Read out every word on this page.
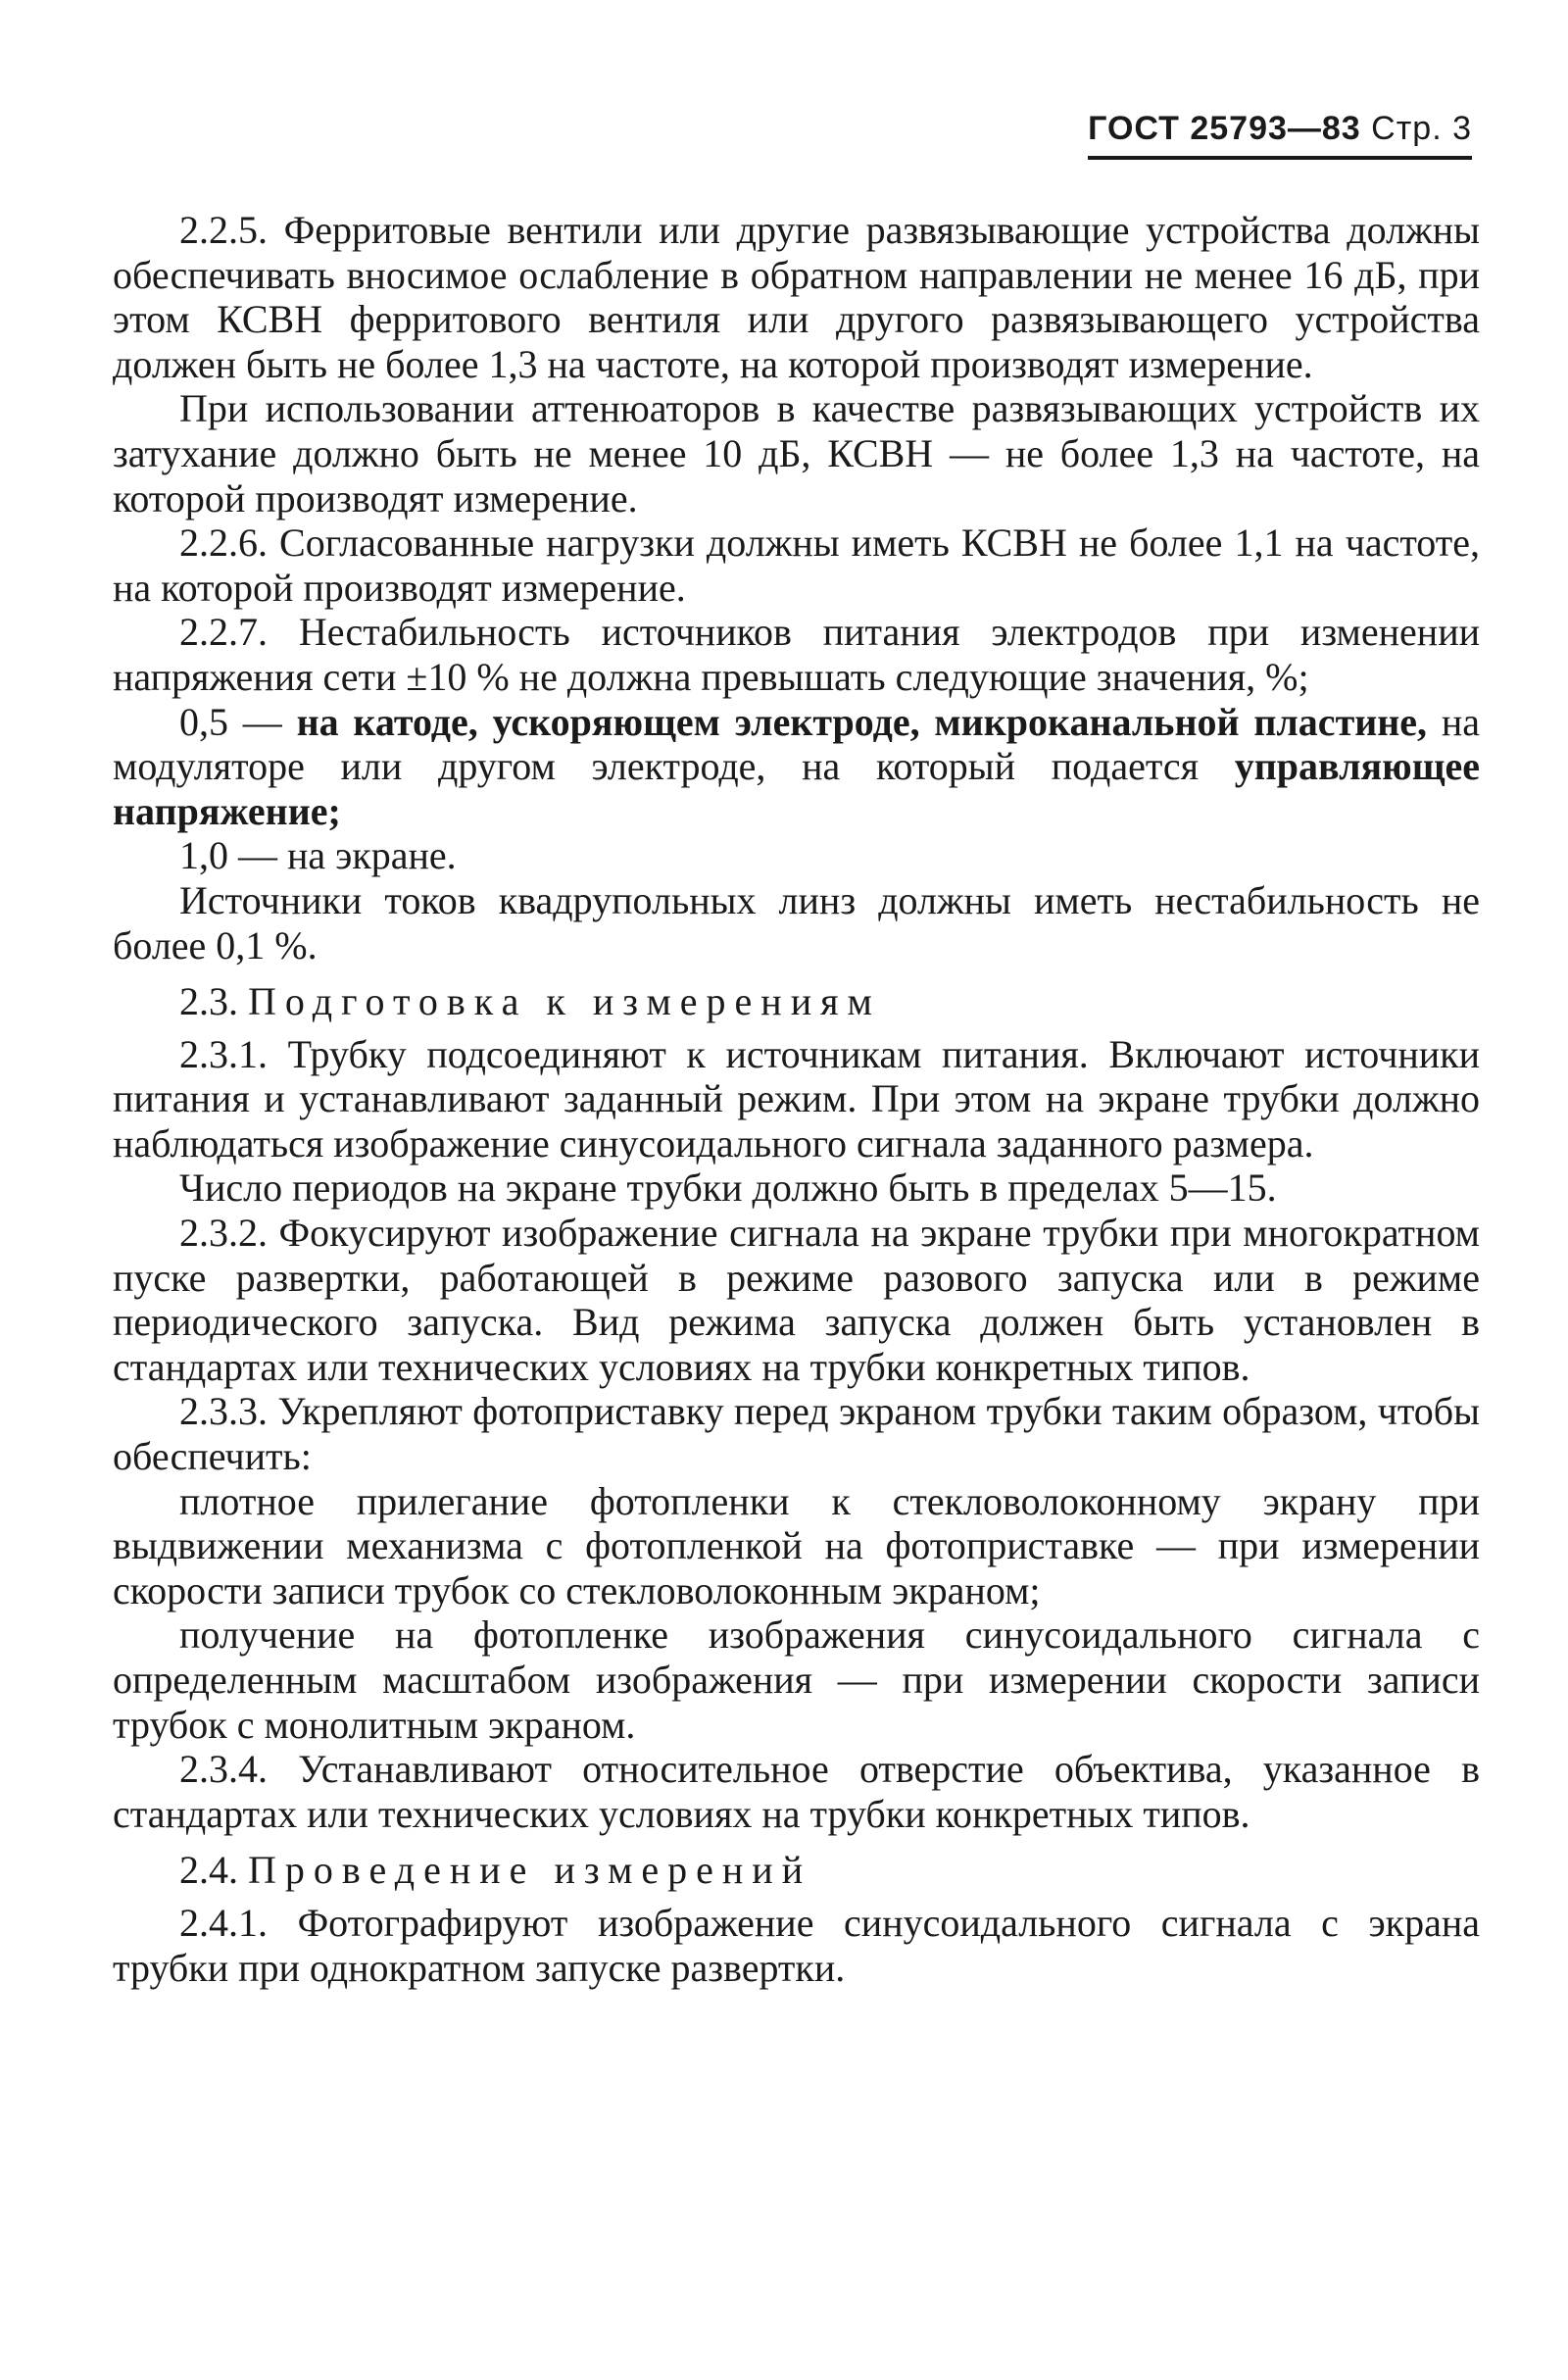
ГОСТ 25793—83 Стр. 3

2.2.5. Ферритовые вентили или другие развязывающие устройства должны обеспечивать вносимое ослабление в обратном направлении не менее 16 дБ, при этом КСВН ферритового вентиля или другого развязывающего устройства должен быть не более 1,3 на частоте, на которой производят измерение.

При использовании аттенюаторов в качестве развязывающих устройств их затухание должно быть не менее 10 дБ, КСВН — не более 1,3 на частоте, на которой производят измерение.

2.2.6. Согласованные нагрузки должны иметь КСВН не более 1,1 на частоте, на которой производят измерение.

2.2.7. Нестабильность источников питания электродов при изменении напряжения сети ±10 % не должна превышать следующие значения, %;

0,5 — на катоде, ускоряющем электроде, микроканальной пластине, на модуляторе или другом электроде, на который подается управляющее напряжение;

1,0 — на экране.

Источники токов квадрупольных линз должны иметь нестабильность не более 0,1 %.

2.3. Подготовка к измерениям

2.3.1. Трубку подсоединяют к источникам питания. Включают источники питания и устанавливают заданный режим. При этом на экране трубки должно наблюдаться изображение синусоидального сигнала заданного размера.

Число периодов на экране трубки должно быть в пределах 5—15.

2.3.2. Фокусируют изображение сигнала на экране трубки при многократном пуске развертки, работающей в режиме разового запуска или в режиме периодического запуска. Вид режима запуска должен быть установлен в стандартах или технических условиях на трубки конкретных типов.

2.3.3. Укрепляют фотоприставку перед экраном трубки таким образом, чтобы обеспечить:

плотное прилегание фотопленки к стекловолоконному экрану при выдвижении механизма с фотопленкой на фотоприставке — при измерении скорости записи трубок со стекловолоконным экраном;

получение на фотопленке изображения синусоидального сигнала с определенным масштабом изображения — при измерении скорости записи трубок с монолитным экраном.

2.3.4. Устанавливают относительное отверстие объектива, указанное в стандартах или технических условиях на трубки конкретных типов.

2.4. Проведение измерений

2.4.1. Фотографируют изображение синусоидального сигнала с экрана трубки при однократном запуске развертки.
